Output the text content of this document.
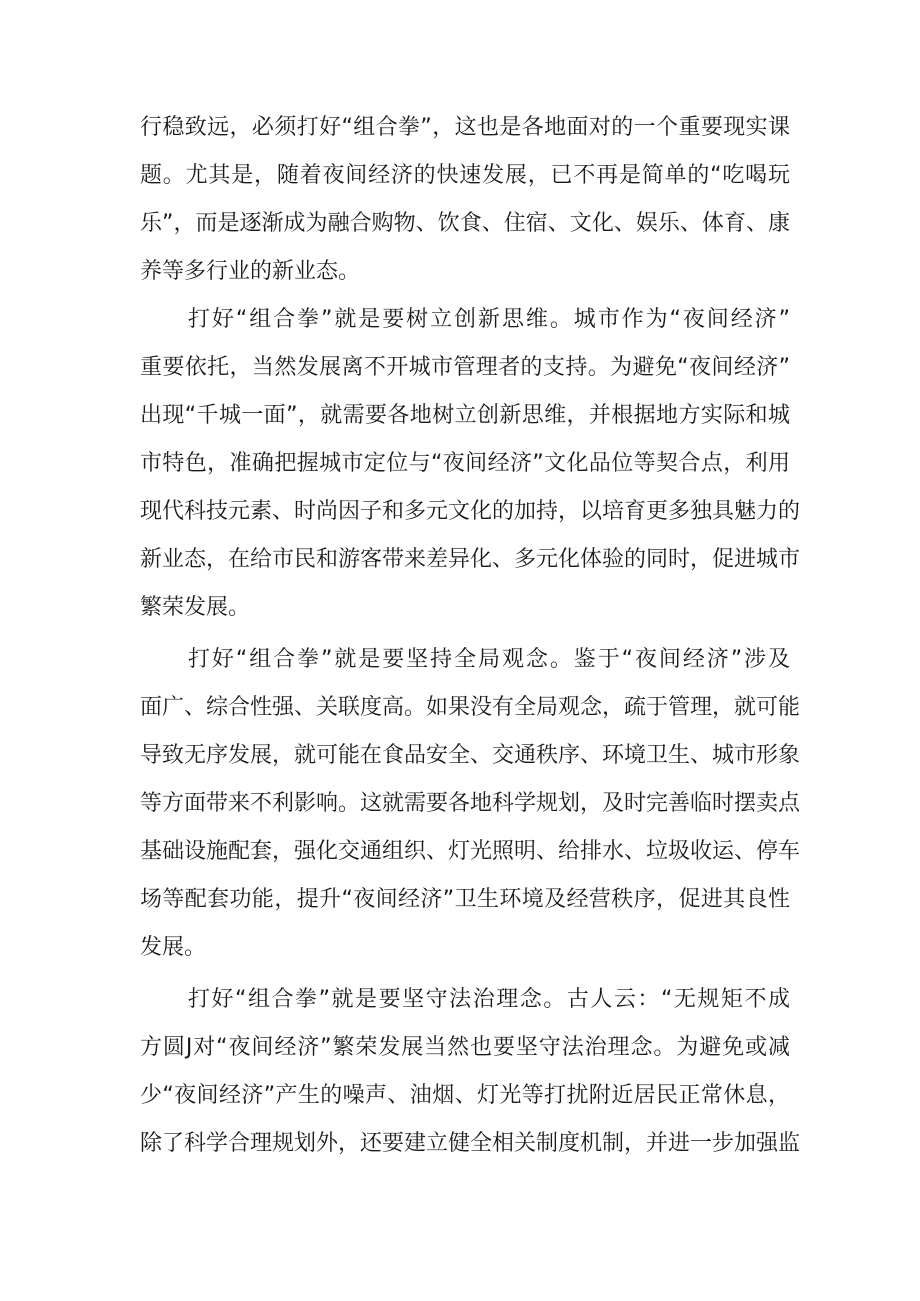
行稳致远，必须打好“组合拳”，这也是各地面对的一个重要现实课
题。尤其是，随着夜间经济的快速发展，已不再是简单的“吃喝玩
乐”，而是逐渐成为融合购物、饮食、住宿、文化、娱乐、体育、康
养等多行业的新业态。
打好“组合拳”就是要树立创新思维。城市作为“夜间经济”
重要依托，当然发展离不开城市管理者的支持。为避免“夜间经济”
出现“千城一面”，就需要各地树立创新思维，并根据地方实际和城
市特色，准确把握城市定位与“夜间经济”文化品位等契合点，利用
现代科技元素、时尚因子和多元文化的加持，以培育更多独具魅力的
新业态，在给市民和游客带来差异化、多元化体验的同时，促进城市
繁荣发展。
打好“组合拳”就是要坚持全局观念。鉴于“夜间经济”涉及
面广、综合性强、关联度高。如果没有全局观念，疏于管理，就可能
导致无序发展，就可能在食品安全、交通秩序、环境卫生、城市形象
等方面带来不利影响。这就需要各地科学规划，及时完善临时摆卖点
基础设施配套，强化交通组织、灯光照明、给排水、垃圾收运、停车
场等配套功能，提升“夜间经济”卫生环境及经营秩序，促进其良性
发展。
打好“组合拳”就是要坚守法治理念。古人云：“无规矩不成
方圆J对“夜间经济”繁荣发展当然也要坚守法治理念。为避免或减
少“夜间经济”产生的噪声、油烟、灯光等打扰附近居民正常休息，
除了科学合理规划外，还要建立健全相关制度机制，并进一步加强监
